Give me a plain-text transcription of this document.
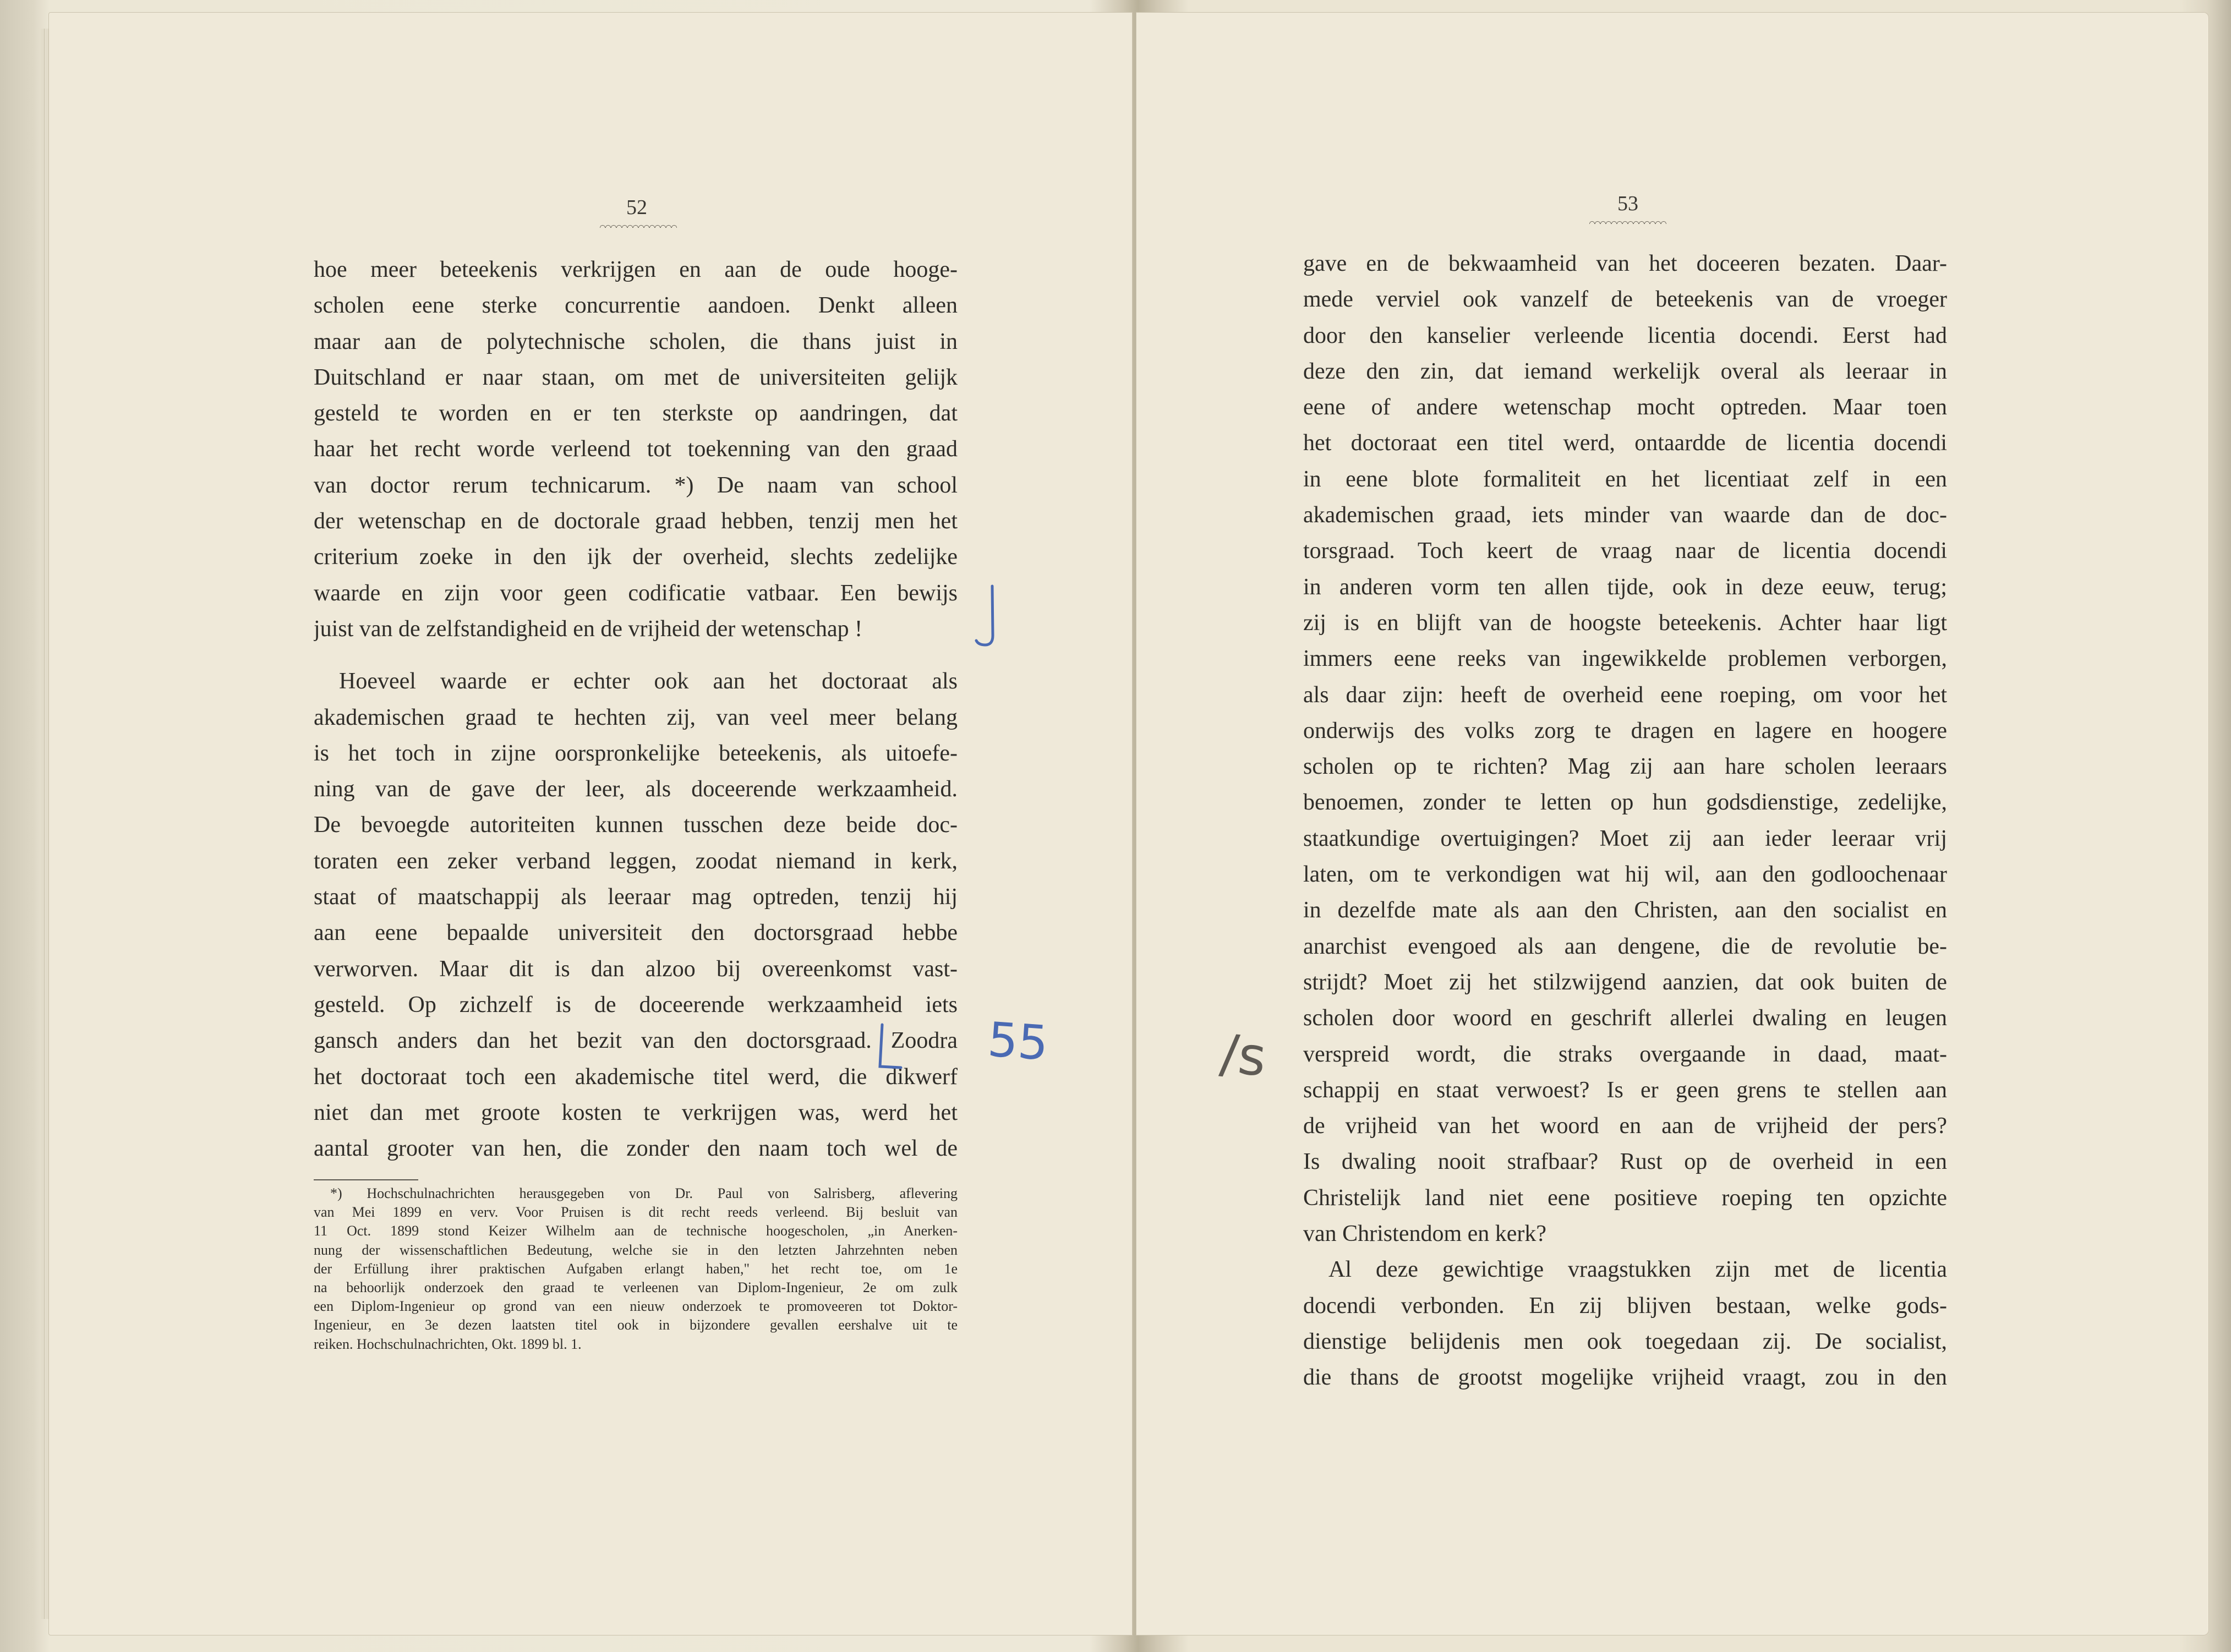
52
hoe meer beteekenis verkrijgen en aan de oude hooge-
scholen eene sterke concurrentie aandoen. Denkt alleen
maar aan de polytechnische scholen, die thans juist in
Duitschland er naar staan, om met de universiteiten gelijk
gesteld te worden en er ten sterkste op aandringen, dat
haar het recht worde verleend tot toekenning van den graad
van doctor rerum technicarum. *) De naam van school
der wetenschap en de doctorale graad hebben, tenzij men het
criterium zoeke in den ijk der overheid, slechts zedelijke
waarde en zijn voor geen codificatie vatbaar. Een bewijs
juist van de zelfstandigheid en de vrijheid der wetenschap !
Hoeveel waarde er echter ook aan het doctoraat als
akademischen graad te hechten zij, van veel meer belang
is het toch in zijne oorspronkelijke beteekenis, als uitoefe-
ning van de gave der leer, als doceerende werkzaamheid.
De bevoegde autoriteiten kunnen tusschen deze beide doc-
toraten een zeker verband leggen, zoodat niemand in kerk,
staat of maatschappij als leeraar mag optreden, tenzij hij
aan eene bepaalde universiteit den doctorsgraad hebbe
verworven. Maar dit is dan alzoo bij overeenkomst vast-
gesteld. Op zichzelf is de doceerende werkzaamheid iets
gansch anders dan het bezit van den doctorsgraad. Zoodra
het doctoraat toch een akademische titel werd, die dikwerf
niet dan met groote kosten te verkrijgen was, werd het
aantal grooter van hen, die zonder den naam toch wel de
*) Hochschulnachrichten herausgegeben von Dr. Paul von Salrisberg, aflevering
van Mei 1899 en verv. Voor Pruisen is dit recht reeds verleend. Bij besluit van
11 Oct. 1899 stond Keizer Wilhelm aan de technische hoogescholen, „in Anerken-
nung der wissenschaftlichen Bedeutung, welche sie in den letzten Jahrzehnten neben
der Erfüllung ihrer praktischen Aufgaben erlangt haben," het recht toe, om 1e
na behoorlijk onderzoek den graad te verleenen van Diplom-Ingenieur, 2e om zulk
een Diplom-Ingenieur op grond van een nieuw onderzoek te promoveeren tot Doktor-
Ingenieur, en 3e dezen laatsten titel ook in bijzondere gevallen eershalve uit te
reiken. Hochschulnachrichten, Okt. 1899 bl. 1.
55
53
gave en de bekwaamheid van het doceeren bezaten. Daar-
mede verviel ook vanzelf de beteekenis van de vroeger
door den kanselier verleende licentia docendi. Eerst had
deze den zin, dat iemand werkelijk overal als leeraar in
eene of andere wetenschap mocht optreden. Maar toen
het doctoraat een titel werd, ontaardde de licentia docendi
in eene blote formaliteit en het licentiaat zelf in een
akademischen graad, iets minder van waarde dan de doc-
torsgraad. Toch keert de vraag naar de licentia docendi
in anderen vorm ten allen tijde, ook in deze eeuw, terug;
zij is en blijft van de hoogste beteekenis. Achter haar ligt
immers eene reeks van ingewikkelde problemen verborgen,
als daar zijn: heeft de overheid eene roeping, om voor het
onderwijs des volks zorg te dragen en lagere en hoogere
scholen op te richten? Mag zij aan hare scholen leeraars
benoemen, zonder te letten op hun godsdienstige, zedelijke,
staatkundige overtuigingen? Moet zij aan ieder leeraar vrij
laten, om te verkondigen wat hij wil, aan den godloochenaar
in dezelfde mate als aan den Christen, aan den socialist en
anarchist evengoed als aan dengene, die de revolutie be-
strijdt? Moet zij het stilzwijgend aanzien, dat ook buiten de
scholen door woord en geschrift allerlei dwaling en leugen
verspreid wordt, die straks overgaande in daad, maat-
schappij en staat verwoest? Is er geen grens te stellen aan
de vrijheid van het woord en aan de vrijheid der pers?
Is dwaling nooit strafbaar? Rust op de overheid in een
Christelijk land niet eene positieve roeping ten opzichte
van Christendom en kerk?
Al deze gewichtige vraagstukken zijn met de licentia
docendi verbonden. En zij blijven bestaan, welke gods-
dienstige belijdenis men ook toegedaan zij. De socialist,
die thans de grootst mogelijke vrijheid vraagt, zou in den
/s
